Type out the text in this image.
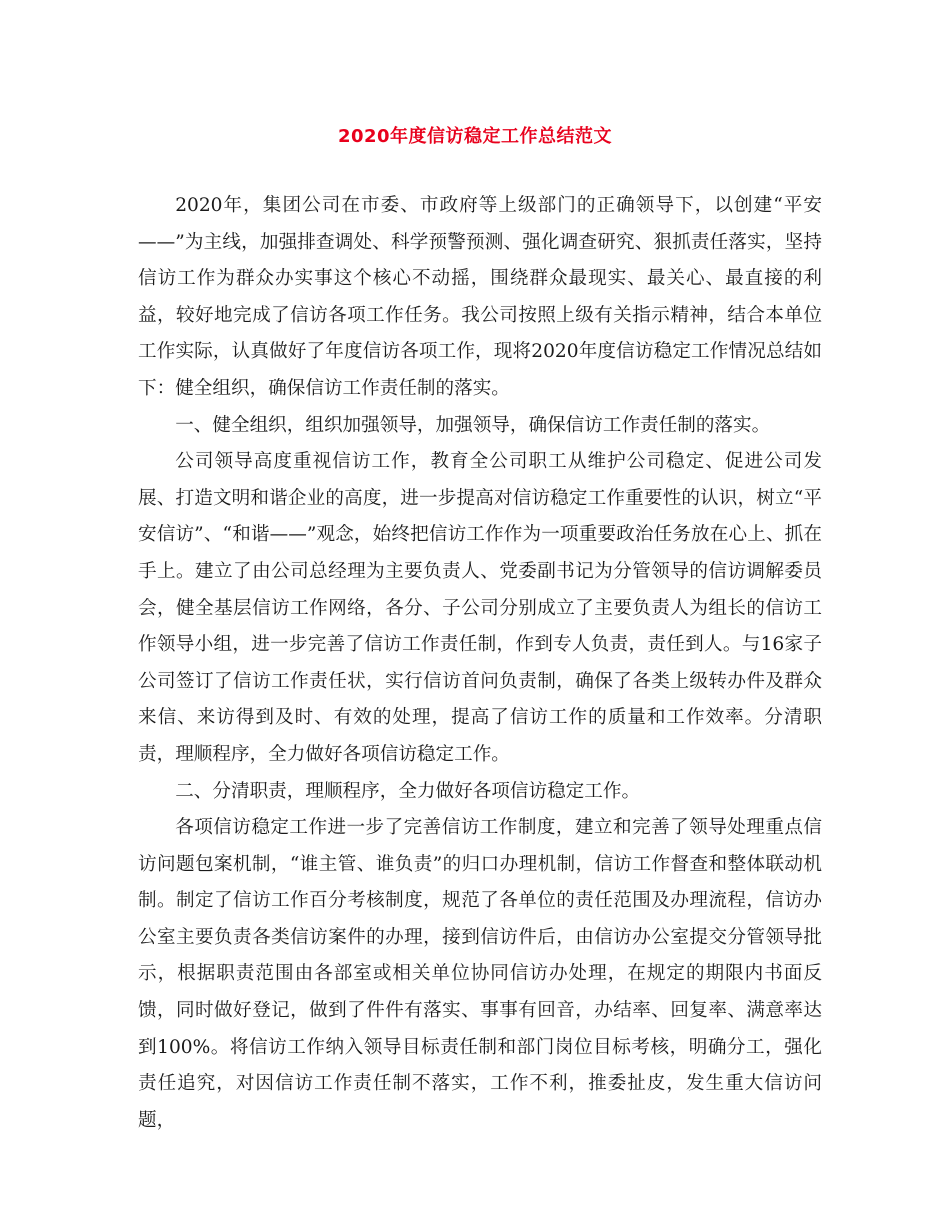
2020年度信访稳定工作总结范文

2020年，集团公司在市委、市政府等上级部门的正确领导下，以创建“平安——”为主线，加强排查调处、科学预警预测、强化调查研究、狠抓责任落实，坚持信访工作为群众办实事这个核心不动摇，围绕群众最现实、最关心、最直接的利益，较好地完成了信访各项工作任务。我公司按照上级有关指示精神，结合本单位工作实际，认真做好了年度信访各项工作，现将2020年度信访稳定工作情况总结如下：健全组织，确保信访工作责任制的落实。

一、健全组织，组织加强领导，加强领导，确保信访工作责任制的落实。

公司领导高度重视信访工作，教育全公司职工从维护公司稳定、促进公司发展、打造文明和谐企业的高度，进一步提高对信访稳定工作重要性的认识，树立“平安信访”、“和谐——”观念，始终把信访工作作为一项重要政治任务放在心上、抓在手上。建立了由公司总经理为主要负责人、党委副书记为分管领导的信访调解委员会，健全基层信访工作网络，各分、子公司分别成立了主要负责人为组长的信访工作领导小组，进一步完善了信访工作责任制，作到专人负责，责任到人。与16家子公司签订了信访工作责任状，实行信访首问负责制，确保了各类上级转办件及群众来信、来访得到及时、有效的处理，提高了信访工作的质量和工作效率。分清职责，理顺程序，全力做好各项信访稳定工作。

二、分清职责，理顺程序，全力做好各项信访稳定工作。

各项信访稳定工作进一步了完善信访工作制度，建立和完善了领导处理重点信访问题包案机制，“谁主管、谁负责”的归口办理机制，信访工作督查和整体联动机制。制定了信访工作百分考核制度，规范了各单位的责任范围及办理流程，信访办公室主要负责各类信访案件的办理，接到信访件后，由信访办公室提交分管领导批示，根据职责范围由各部室或相关单位协同信访办处理，在规定的期限内书面反馈，同时做好登记，做到了件件有落实、事事有回音，办结率、回复率、满意率达到100%。将信访工作纳入领导目标责任制和部门岗位目标考核，明确分工，强化责任追究，对因信访工作责任制不落实，工作不利，推委扯皮，发生重大信访问题，
